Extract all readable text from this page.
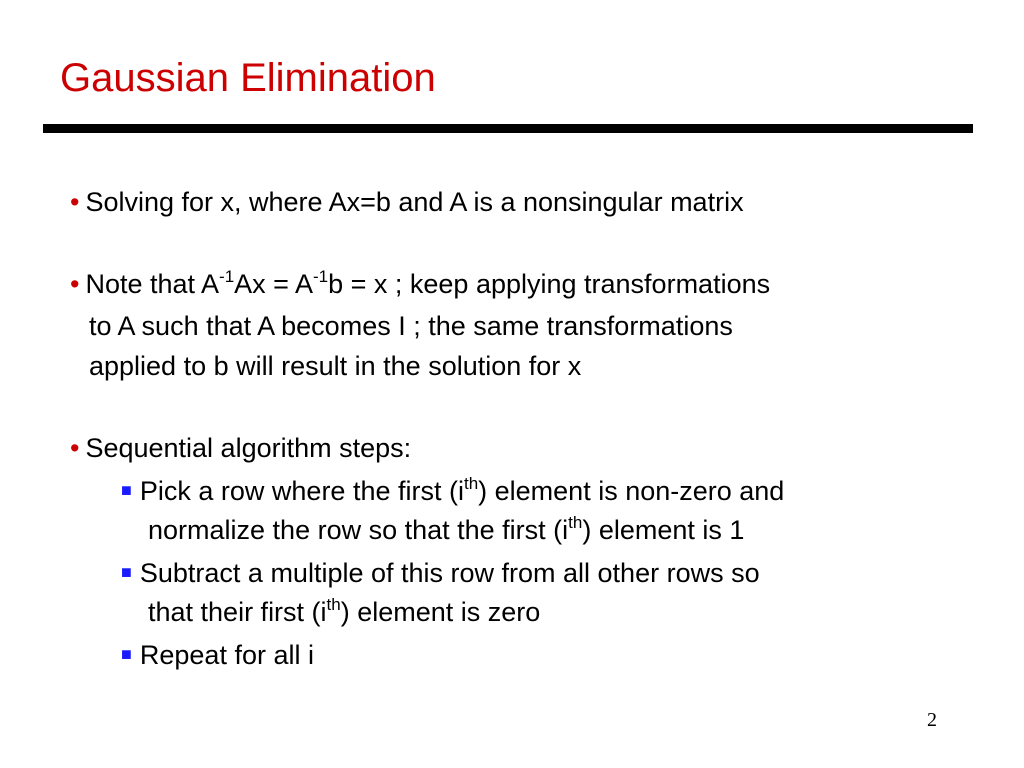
Gaussian Elimination
• Solving for x, where Ax=b and A is a nonsingular matrix
• Note that $A^{-1}Ax = A^{-1}b = x$ ; keep applying transformations
to A such that A becomes I ; the same transformations
applied to b will result in the solution for x
• Sequential algorithm steps:
■ Pick a row where the first $(i^{th})$ element is non-zero and
normalize the row so that the first $(i^{th})$ element is 1
■ Subtract a multiple of this row from all other rows so
that their first $(i^{th})$ element is zero
■ Repeat for all i
2
